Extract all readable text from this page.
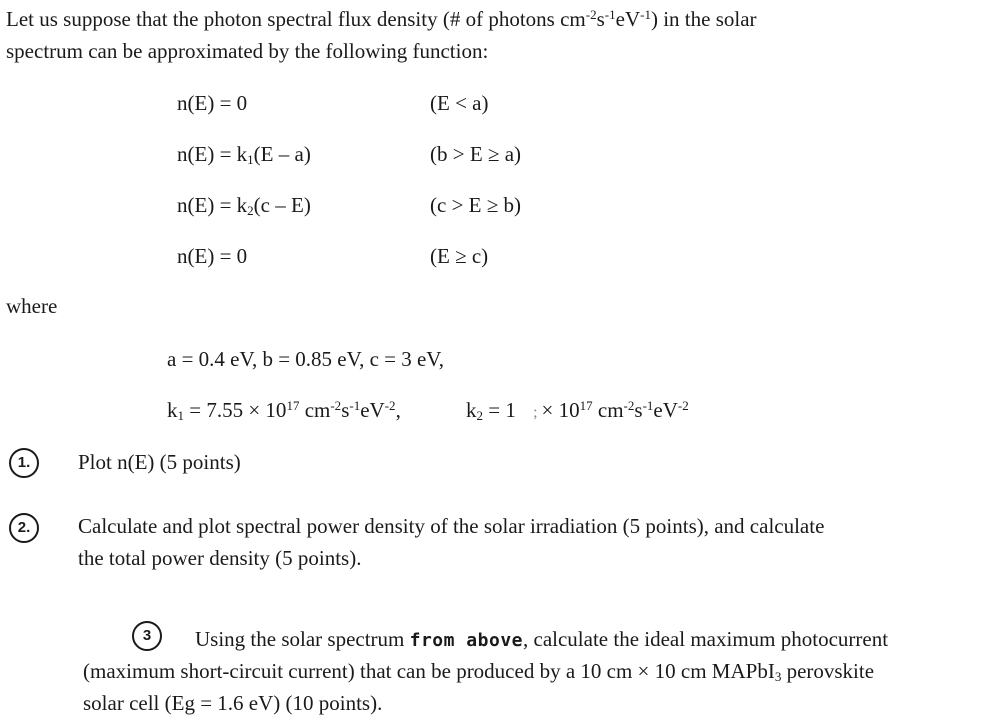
Let us suppose that the photon spectral flux density (# of photons $cm^{-2}s^{-1}eV^{-1}$) in the solar
spectrum can be approximated by the following function:
n(E) = 0	(E < a)
$n(E) = k_1(E - a)$	(b > E ≥ a)
$n(E) = k_2(c - E)$	(c > E ≥ b)
n(E) = 0	(E ≥ c)
where
a = 0.4 eV, b = 0.85 eV, c = 3 eV,
$k_1 = 7.55 \times 10^{17}$ $cm^{-2}s^{-1}eV^{-2}$,	$k_2 = 1$ ; × $10^{17}$ $cm^{-2}s^{-1}eV^{-2}$
1.	Plot n(E) (5 points)
2.	Calculate and plot spectral power density of the solar irradiation (5 points), and calculate
the total power density (5 points).
3	Using the solar spectrum from above, calculate the ideal maximum photocurrent
(maximum short-circuit current) that can be produced by a 10 cm × 10 cm MAPbI$_3$ perovskite
solar cell (Eg = 1.6 eV) (10 points).
